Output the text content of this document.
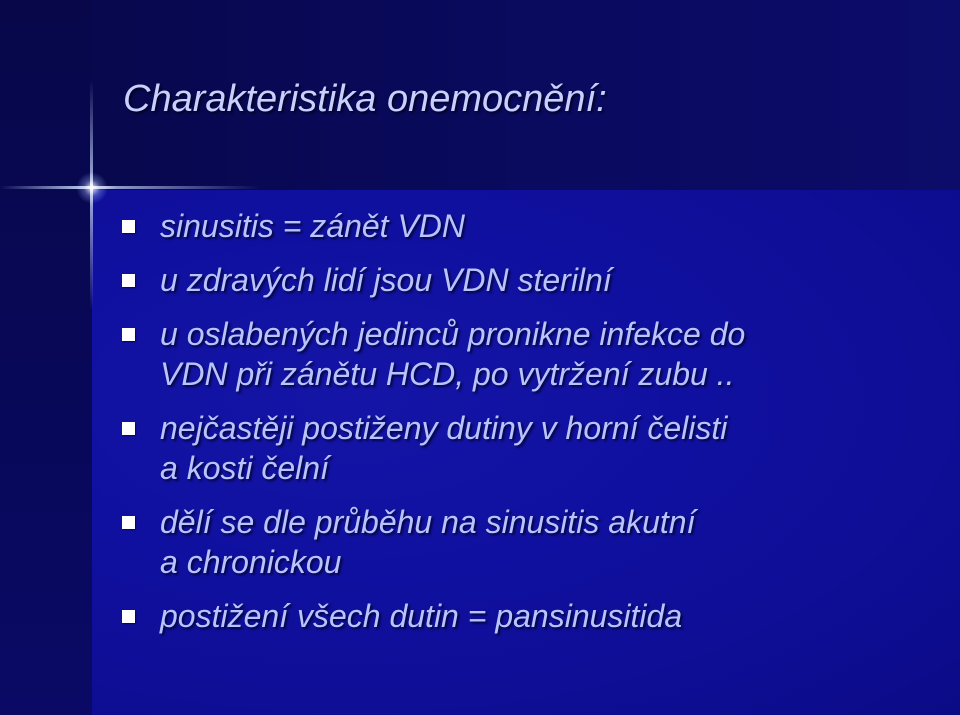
Charakteristika onemocnění:
sinusitis = zánět VDN
u zdravých lidí jsou VDN sterilní
u oslabených jedinců pronikne infekce do
VDN při zánětu HCD, po vytržení zubu ..
nejčastěji postiženy dutiny v horní čelisti
a kosti čelní
dělí se dle průběhu na sinusitis akutní
a chronickou
postižení všech dutin = pansinusitida
